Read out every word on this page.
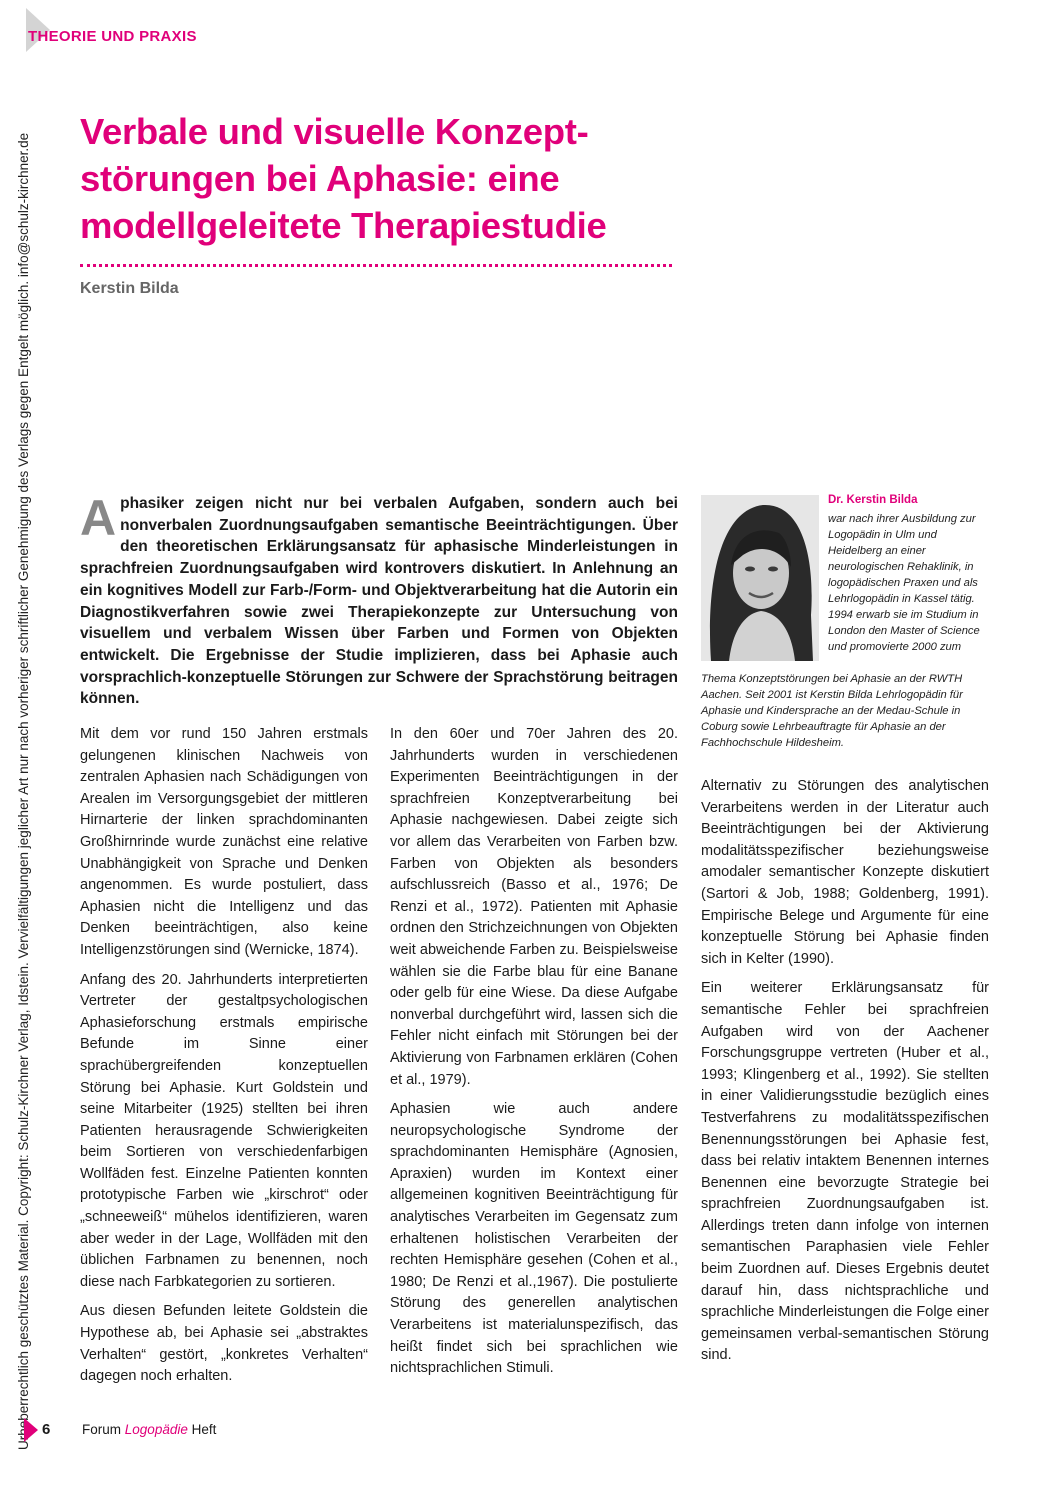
THEORIE UND PRAXIS
Urheberrechtlich geschütztes Material. Copyright: Schulz-Kirchner Verlag, Idstein. Vervielfältigungen jeglicher Art nur nach vorheriger schriftlicher Genehmigung des Verlags gegen Entgelt möglich. info@schulz-kirchner.de
Verbale und visuelle Konzept- störungen bei Aphasie: eine modellgeleitete Therapiestudie
Kerstin Bilda
Aphasiker zeigen nicht nur bei verbalen Aufgaben, sondern auch bei nonverbalen Zuordnungsaufgaben semantische Beeinträchtigungen. Über den theoretischen Erklärungsansatz für aphasische Minderleistungen in sprachfreien Zuordnungsaufgaben wird kontrovers diskutiert. In Anlehnung an ein kognitives Modell zur Farb-/Form- und Objektverarbeitung hat die Autorin ein Diagnostikverfahren sowie zwei Therapiekonzepte zur Untersuchung von visuellem und verbalem Wissen über Farben und Formen von Objekten entwickelt. Die Ergebnisse der Studie implizieren, dass bei Aphasie auch vorsprachlich-konzeptuelle Störungen zur Schwere der Sprachstörung beitragen können.
Dr. Kerstin Bilda
war nach ihrer Ausbildung zur Logopädin in Ulm und Heidelberg an einer neurologischen Rehaklinik, in logopädischen Praxen und als Lehrlogopädin in Kassel tätig. 1994 erwarb sie im Studium in London den Master of Science und promovierte 2000 zum
Thema Konzeptstörungen bei Aphasie an der RWTH Aachen. Seit 2001 ist Kerstin Bilda Lehrlogopädin für Aphasie und Kindersprache an der Medau-Schule in Coburg sowie Lehrbeauftragte für Aphasie an der Fachhochschule Hildesheim.

Mit dem vor rund 150 Jahren erstmals gelungenen klinischen Nachweis von zentralen Aphasien nach Schädigungen von Arealen im Versorgungsgebiet der mittleren Hirnarterie der linken sprachdominanten Großhirnrinde wurde zunächst eine relative Unabhängigkeit von Sprache und Denken angenommen. Es wurde postuliert, dass Aphasien nicht die Intelligenz und das Denken beeinträchtigen, also keine Intelligenzstörungen sind (Wernicke, 1874).

Anfang des 20. Jahrhunderts interpretierten Vertreter der gestaltpsychologischen Aphasieforschung erstmals empirische Befunde im Sinne einer sprachübergreifenden konzeptuellen Störung bei Aphasie. Kurt Goldstein und seine Mitarbeiter (1925) stellten bei ihren Patienten herausragende Schwierigkeiten beim Sortieren von verschiedenfarbigen Wollfäden fest. Einzelne Patienten konnten prototypische Farben wie „kirschrot“ oder „schneeweiß“ mühelos identifizieren, waren aber weder in der Lage, Wollfäden mit den üblichen Farbnamen zu benennen, noch diese nach Farbkategorien zu sortieren.

Aus diesen Befunden leitete Goldstein die Hypothese ab, bei Aphasie sei „abstraktes Verhalten“ gestört, „konkretes Verhalten“ dagegen noch erhalten.

In den 60er und 70er Jahren des 20. Jahrhunderts wurden in verschiedenen Experimenten Beeinträchtigungen in der sprachfreien Konzeptverarbeitung bei Aphasie nachgewiesen. Dabei zeigte sich vor allem das Verarbeiten von Farben bzw. Farben von Objekten als besonders aufschlussreich (Basso et al., 1976; De Renzi et al., 1972). Patienten mit Aphasie ordnen den Strichzeichnungen von Objekten weit abweichende Farben zu. Beispielsweise wählen sie die Farbe blau für eine Banane oder gelb für eine Wiese. Da diese Aufgabe nonverbal durchgeführt wird, lassen sich die Fehler nicht einfach mit Störungen bei der Aktivierung von Farbnamen erklären (Cohen et al., 1979).

Aphasien wie auch andere neuropsychologische Syndrome der sprachdominanten Hemisphäre (Agnosien, Apraxien) wurden im Kontext einer allgemeinen kognitiven Beeinträchtigung für analytisches Verarbeiten im Gegensatz zum erhaltenen holistischen Verarbeiten der rechten Hemisphäre gesehen (Cohen et al., 1980; De Renzi et al.,1967). Die postulierte Störung des generellen analytischen Verarbeitens ist materialunspezifisch, das heißt findet sich bei sprachlichen wie nichtsprachlichen Stimuli.

Alternativ zu Störungen des analytischen Verarbeitens werden in der Literatur auch Beeinträchtigungen bei der Aktivierung modalitätsspezifischer beziehungsweise amodaler semantischer Konzepte diskutiert (Sartori & Job, 1988; Goldenberg, 1991). Empirische Belege und Argumente für eine konzeptuelle Störung bei Aphasie finden sich in Kelter (1990).

Ein weiterer Erklärungsansatz für semantische Fehler bei sprachfreien Aufgaben wird von der Aachener Forschungsgruppe vertreten (Huber et al., 1993; Klingenberg et al., 1992). Sie stellten in einer Validierungsstudie bezüglich eines Testverfahrens zu modalitätsspezifischen Benennungsstörungen bei Aphasie fest, dass bei relativ intaktem Benennen internes Benennen eine bevorzugte Strategie bei sprachfreien Zuordnungsaufgaben ist. Allerdings treten dann infolge von internen semantischen Paraphasien viele Fehler beim Zuordnen auf. Dieses Ergebnis deutet darauf hin, dass nichtsprachliche und sprachliche Minderleistungen die Folge einer gemeinsamen verbal-semantischen Störung sind.

6 Forum Logopädie Heft
